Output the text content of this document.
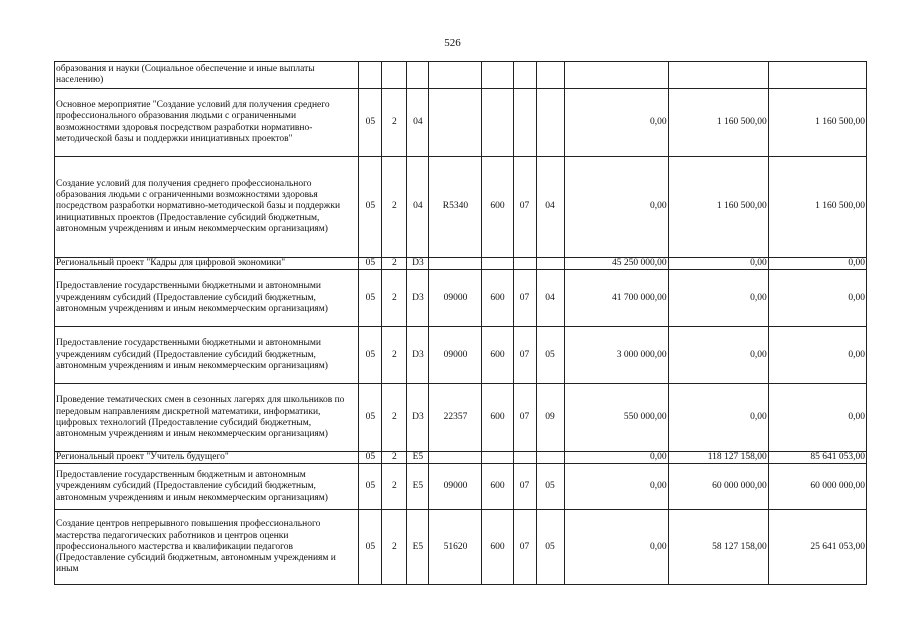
526
образования и науки (Социальное обеспечение и иные выплаты населению)										
Основное мероприятие "Создание условий для получения среднего профессионального образования людьми с ограниченными возможностями здоровья посредством разработки нормативно-методической базы и поддержки инициативных проектов"	05	2	04					0,00	1 160 500,00	1 160 500,00
Создание условий для получения среднего профессионального образования людьми с ограниченными возможностями здоровья посредством разработки нормативно-методической базы и поддержки инициативных проектов (Предоставление субсидий бюджетным, автономным учреждениям и иным некоммерческим организациям)	05	2	04	R5340	600	07	04	0,00	1 160 500,00	1 160 500,00
Региональный проект "Кадры для цифровой экономики"	05	2	D3					45 250 000,00	0,00	0,00
Предоставление государственными бюджетными и автономными учреждениям субсидий (Предоставление субсидий бюджетным, автономным учреждениям и иным некоммерческим организациям)	05	2	D3	09000	600	07	04	41 700 000,00	0,00	0,00
Предоставление государственными бюджетными и автономными учреждениям субсидий (Предоставление субсидий бюджетным, автономным учреждениям и иным некоммерческим организациям)	05	2	D3	09000	600	07	05	3 000 000,00	0,00	0,00
Проведение тематических смен в сезонных лагерях для школьников по передовым направлениям дискретной математики, информатики, цифровых технологий (Предоставление субсидий бюджетным, автономным учреждениям и иным некоммерческим организациям)	05	2	D3	22357	600	07	09	550 000,00	0,00	0,00
Региональный проект "Учитель будущего"	05	2	E5					0,00	118 127 158,00	85 641 053,00
Предоставление государственным бюджетным и автономным учреждениям субсидий (Предоставление субсидий бюджетным, автономным учреждениям и иным некоммерческим организациям)	05	2	E5	09000	600	07	05	0,00	60 000 000,00	60 000 000,00
Создание центров непрерывного повышения профессионального мастерства педагогических работников и центров оценки профессионального мастерства и квалификации педагогов (Предоставление субсидий бюджетным, автономным учреждениям и иным	05	2	E5	51620	600	07	05	0,00	58 127 158,00	25 641 053,00
